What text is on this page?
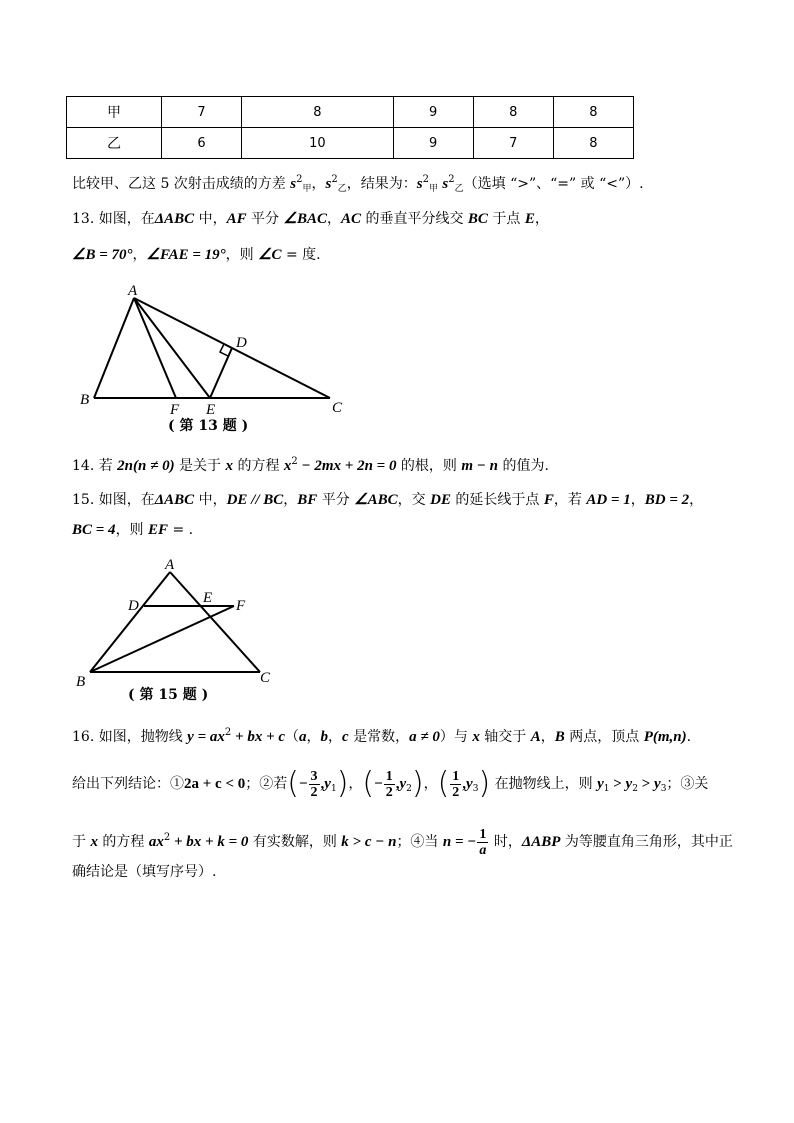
甲	7	8	9	8	8
乙	6	10	9	7	8
比较甲、乙这 5 次射击成绩的方差 $s^2_甲$，$s^2_乙$，结果为：$s^2_甲$ $s^2_乙$（选填 “>”、“=” 或 “<”）.
13. 如图，在ΔABC 中，AF 平分 ∠BAC，AC 的垂直平分线交 BC 于点 E，
∠B = 70°，∠FAE = 19°，则 ∠C = 度.
A
B	C
D
E
F
( 第 13 题 )
14. 若 2n(n ≠ 0) 是关于 x 的方程 $x^2 - 2mx + 2n = 0$ 的根，则 m − n 的值为.
15. 如图，在ΔABC 中，DE // BC，BF 平分 ∠ABC，交 DE 的延长线于点 F，若 AD = 1，BD = 2，
BC = 4，则 EF = .
A
B	C
D	E F
( 第 15 题 )
16. 如图，抛物线 $y = ax^2$ + bx + c（a，b，c 是常数，a ≠ 0）与 x 轴交于 A，B 两点，顶点 P(m,n).
给出下列结论：①2a + c < 0；②若(− $\frac{3}{2} ,y_1$)，(− $\frac{1}{2} ,y_2$)，( $\frac{1}{2} ,y_3$) 在抛物线上，则 $y_1 > y_2 > y_3$；③关
于 x 的方程 $ax^2$ + bx + k = 0 有实数解，则 k > c − n；④当 n = − $\frac{1}{a}$ 时，ΔABP 为等腰直角三角形，其中正
确结论是（填写序号）.
